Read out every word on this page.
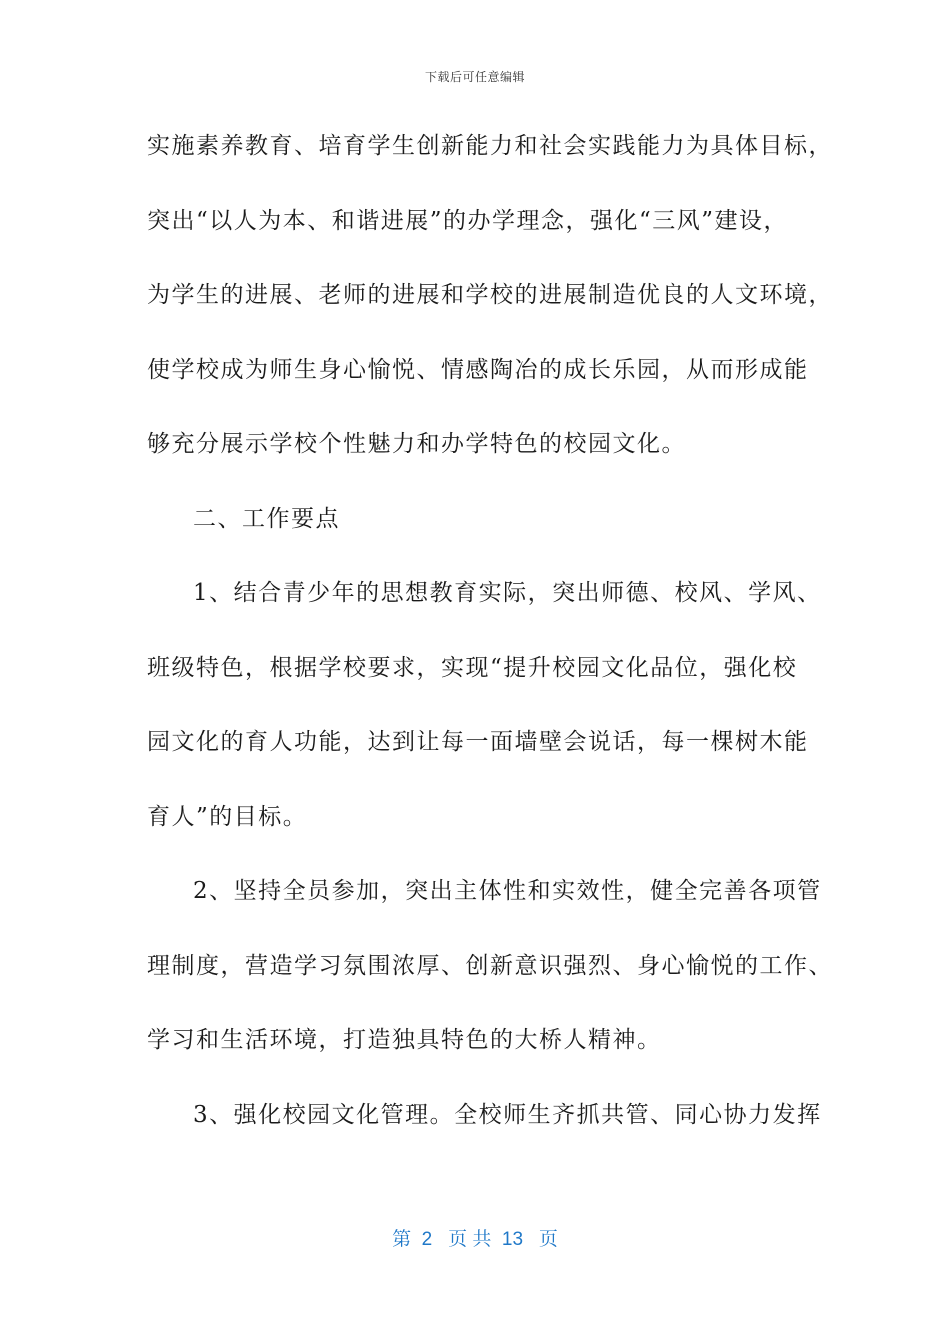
下载后可任意编辑
实施素养教育、培育学生创新能力和社会实践能力为具体目标，
突出“以人为本、和谐进展”的办学理念，强化“三风”建设，
为学生的进展、老师的进展和学校的进展制造优良的人文环境，
使学校成为师生身心愉悦、情感陶冶的成长乐园，从而形成能
够充分展示学校个性魅力和办学特色的校园文化。
二、工作要点
1、结合青少年的思想教育实际，突出师德、校风、学风、
班级特色，根据学校要求，实现“提升校园文化品位，强化校
园文化的育人功能，达到让每一面墙壁会说话，每一棵树木能
育人”的目标。
2、坚持全员参加，突出主体性和实效性，健全完善各项管
理制度，营造学习氛围浓厚、创新意识强烈、身心愉悦的工作、
学习和生活环境，打造独具特色的大桥人精神。
3、强化校园文化管理。全校师生齐抓共管、同心协力发挥
第  2   页 共  13   页
